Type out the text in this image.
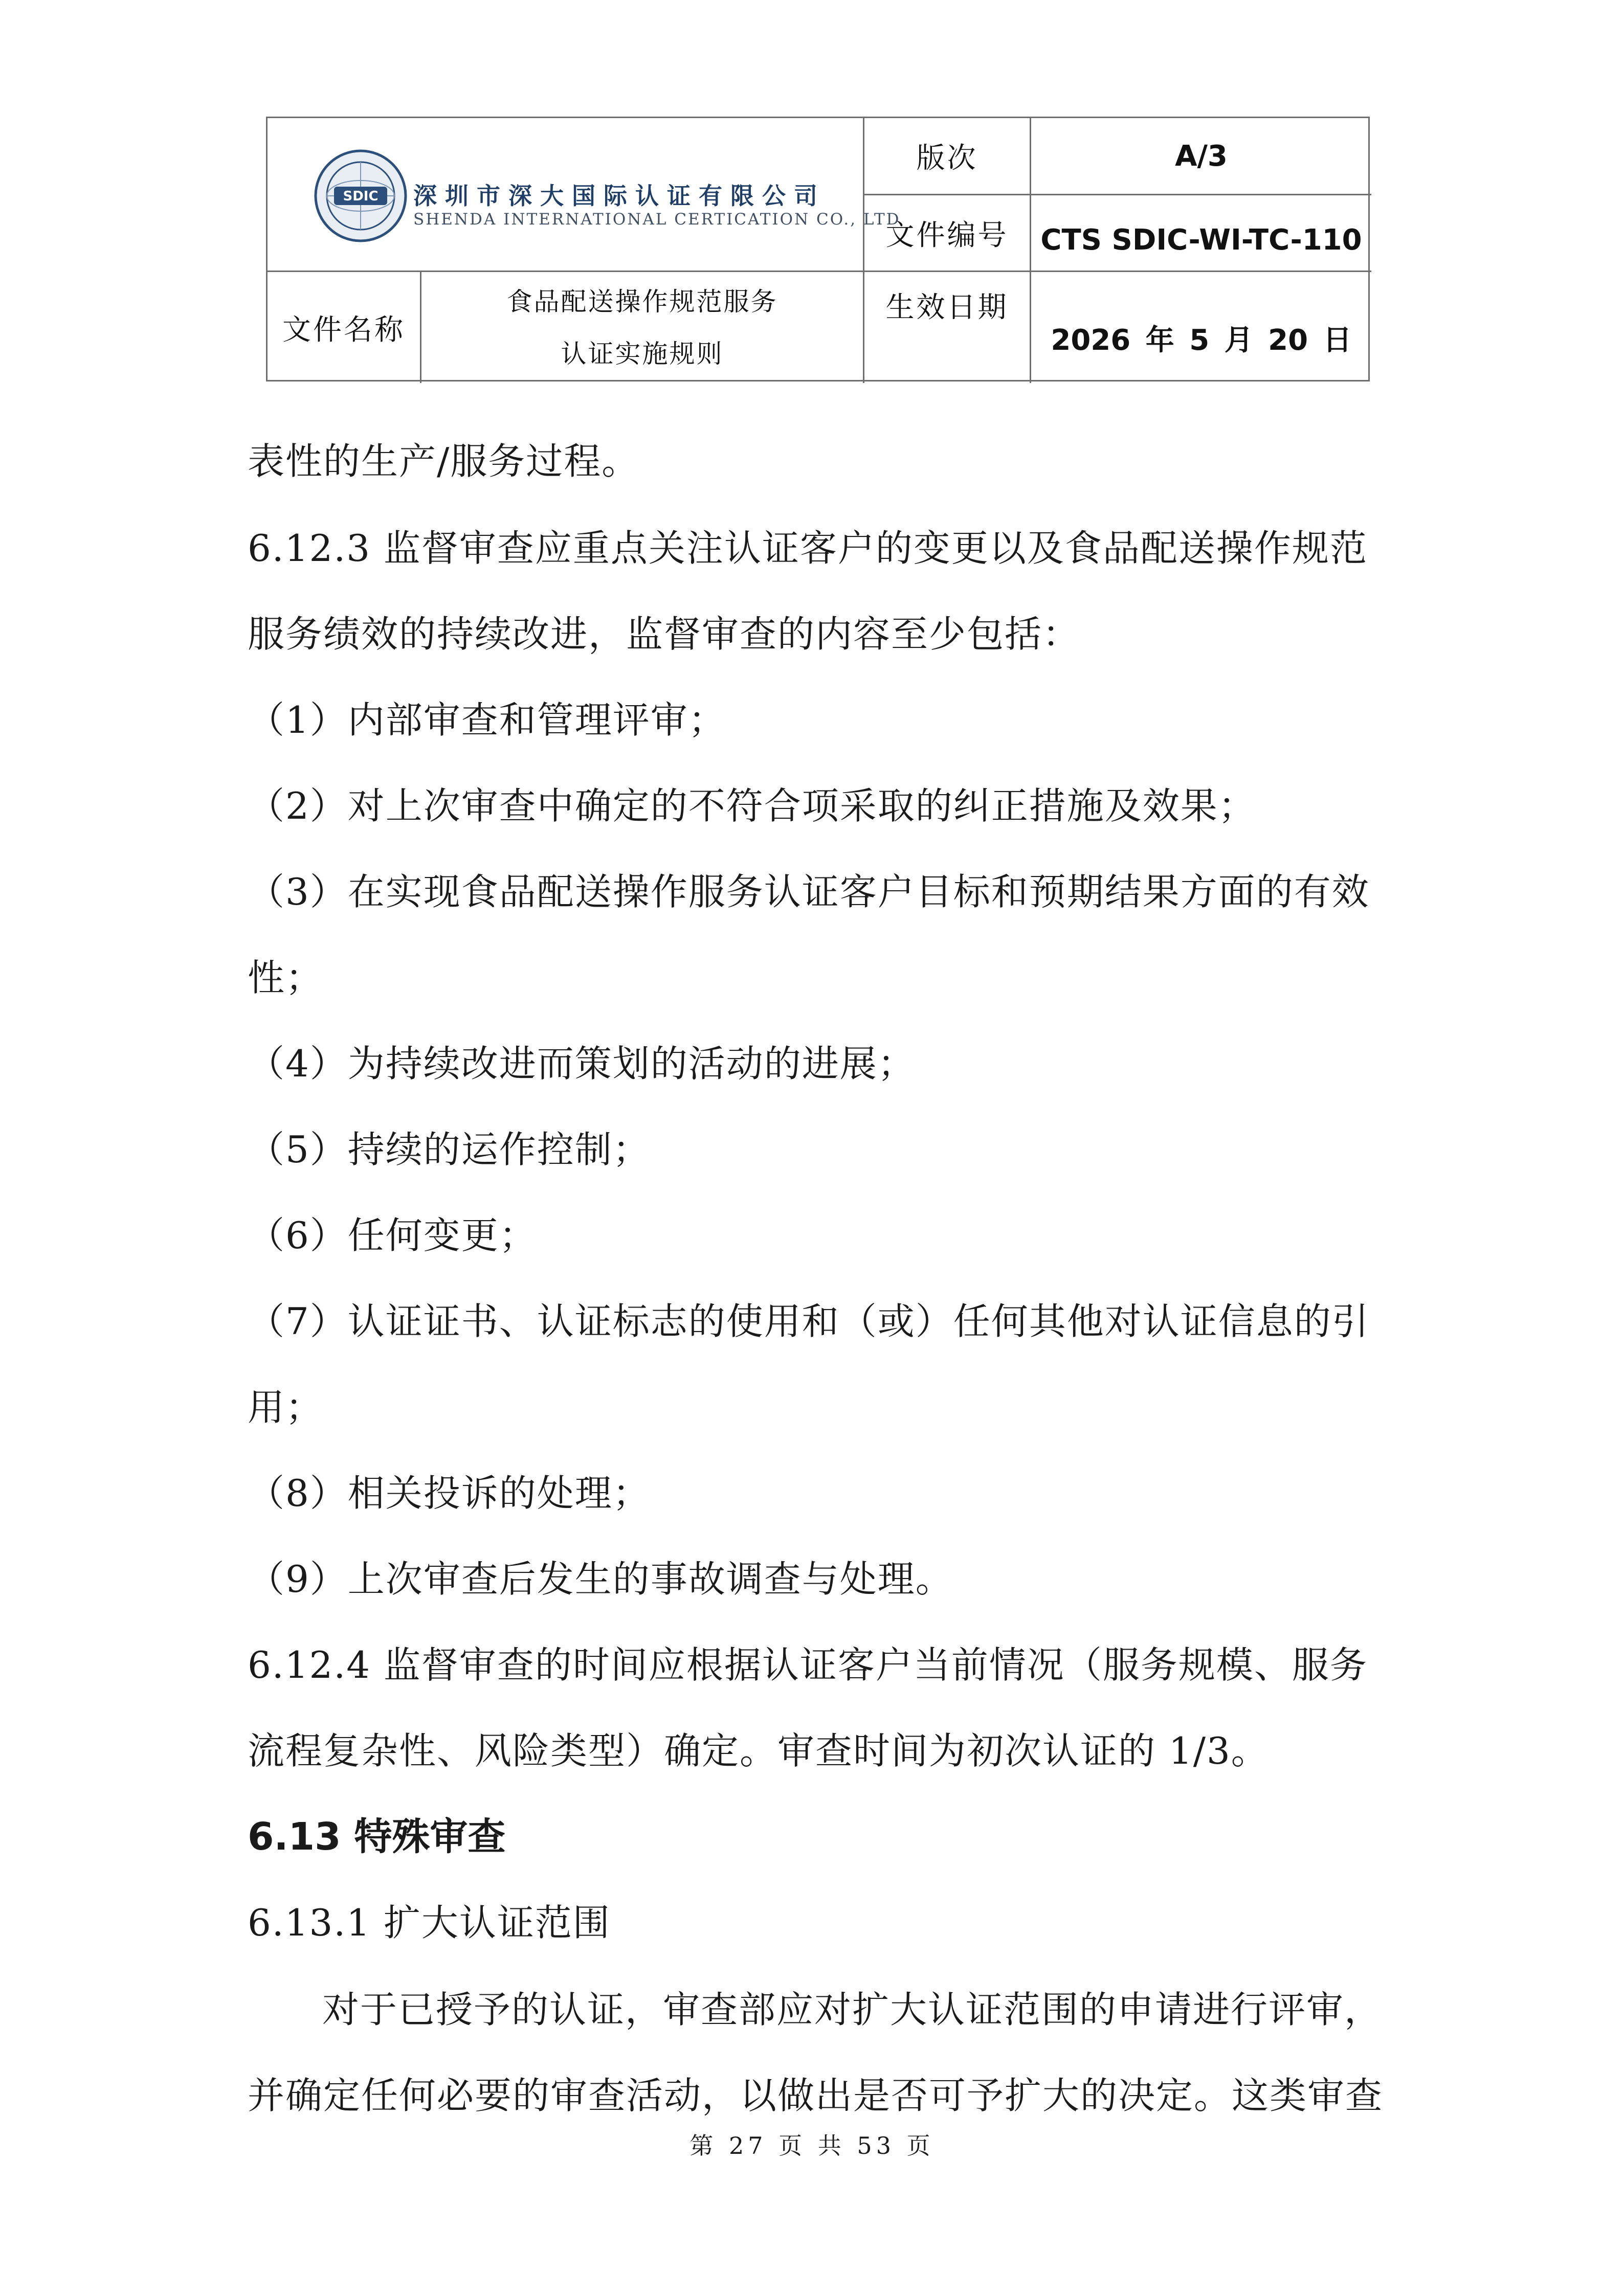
SDIC 深圳市深大国际认证有限公司
SHENDA INTERNATIONAL CERTICATION CO., LTD
版次	A/3
文件编号	CTS SDIC-WI-TC-110
文件名称
食品配送操作规范服务
认证实施规则
生效日期
2026 年 5 月 20 日
表性的生产/服务过程。
6.12.3 监督审查应重点关注认证客户的变更以及食品配送操作规范
服务绩效的持续改进，监督审查的内容至少包括：
（1）内部审查和管理评审；
（2）对上次审查中确定的不符合项采取的纠正措施及效果；
（3）在实现食品配送操作服务认证客户目标和预期结果方面的有效
性；
（4）为持续改进而策划的活动的进展；
（5）持续的运作控制；
（6）任何变更；
（7）认证证书、认证标志的使用和（或）任何其他对认证信息的引
用；
（8）相关投诉的处理；
（9）上次审查后发生的事故调查与处理。
6.12.4 监督审查的时间应根据认证客户当前情况（服务规模、服务
流程复杂性、风险类型）确定。审查时间为初次认证的 1/3。
6.13 特殊审查
6.13.1 扩大认证范围
对于已授予的认证，审查部应对扩大认证范围的申请进行评审，
并确定任何必要的审查活动，以做出是否可予扩大的决定。这类审查
第 27 页 共 53 页
